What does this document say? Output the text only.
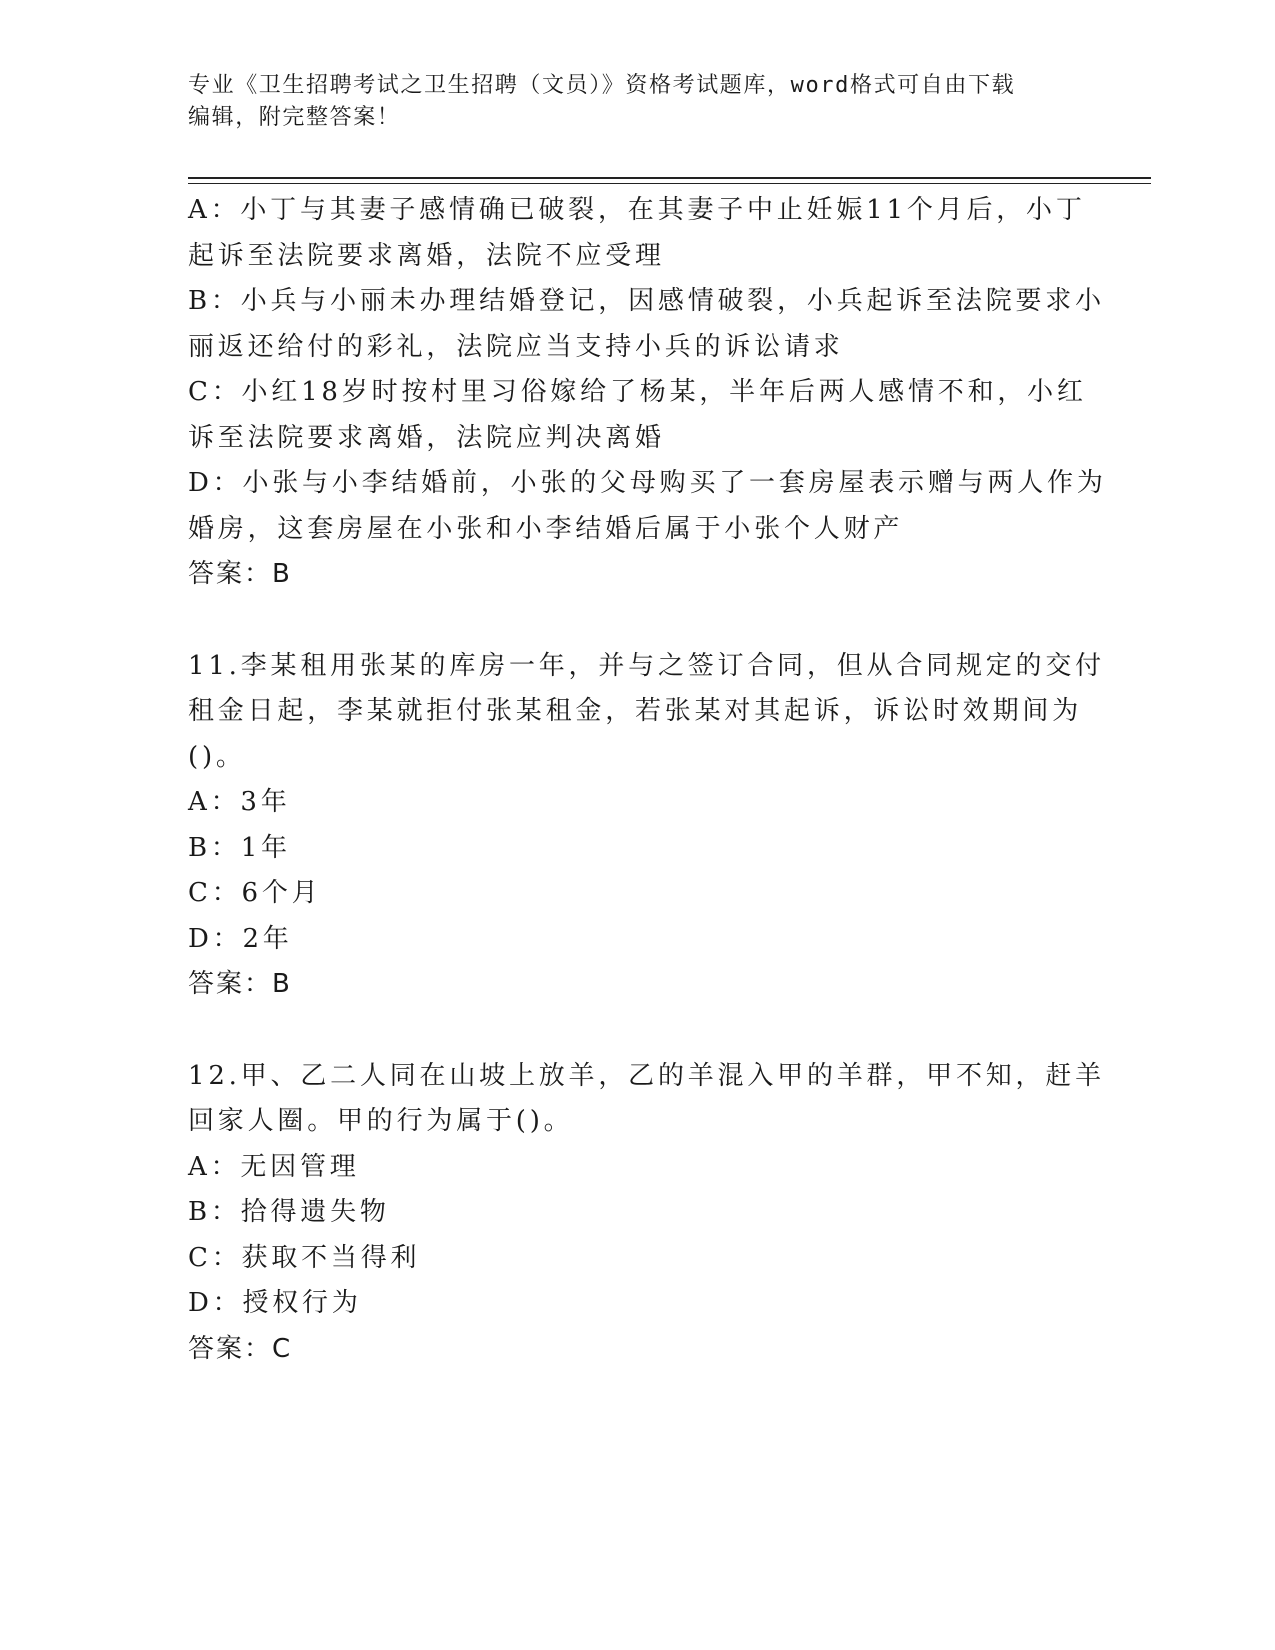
专业《卫生招聘考试之卫生招聘（文员）》资格考试题库，word格式可自由下载
编辑，附完整答案！
A：小丁与其妻子感情确已破裂，在其妻子中止妊娠11个月后，小丁
起诉至法院要求离婚，法院不应受理
B：小兵与小丽未办理结婚登记，因感情破裂，小兵起诉至法院要求小
丽返还给付的彩礼，法院应当支持小兵的诉讼请求
C：小红18岁时按村里习俗嫁给了杨某，半年后两人感情不和，小红
诉至法院要求离婚，法院应判决离婚
D：小张与小李结婚前，小张的父母购买了一套房屋表示赠与两人作为
婚房，这套房屋在小张和小李结婚后属于小张个人财产
答案：B
11.李某租用张某的库房一年，并与之签订合同，但从合同规定的交付
租金日起，李某就拒付张某租金，若张某对其起诉，诉讼时效期间为
()。
A：3年
B：1年
C：6个月
D：2年
答案：B
12.甲、乙二人同在山坡上放羊，乙的羊混入甲的羊群，甲不知，赶羊
回家人圈。甲的行为属于()。
A：无因管理
B：拾得遗失物
C：获取不当得利
D：授权行为
答案：C
